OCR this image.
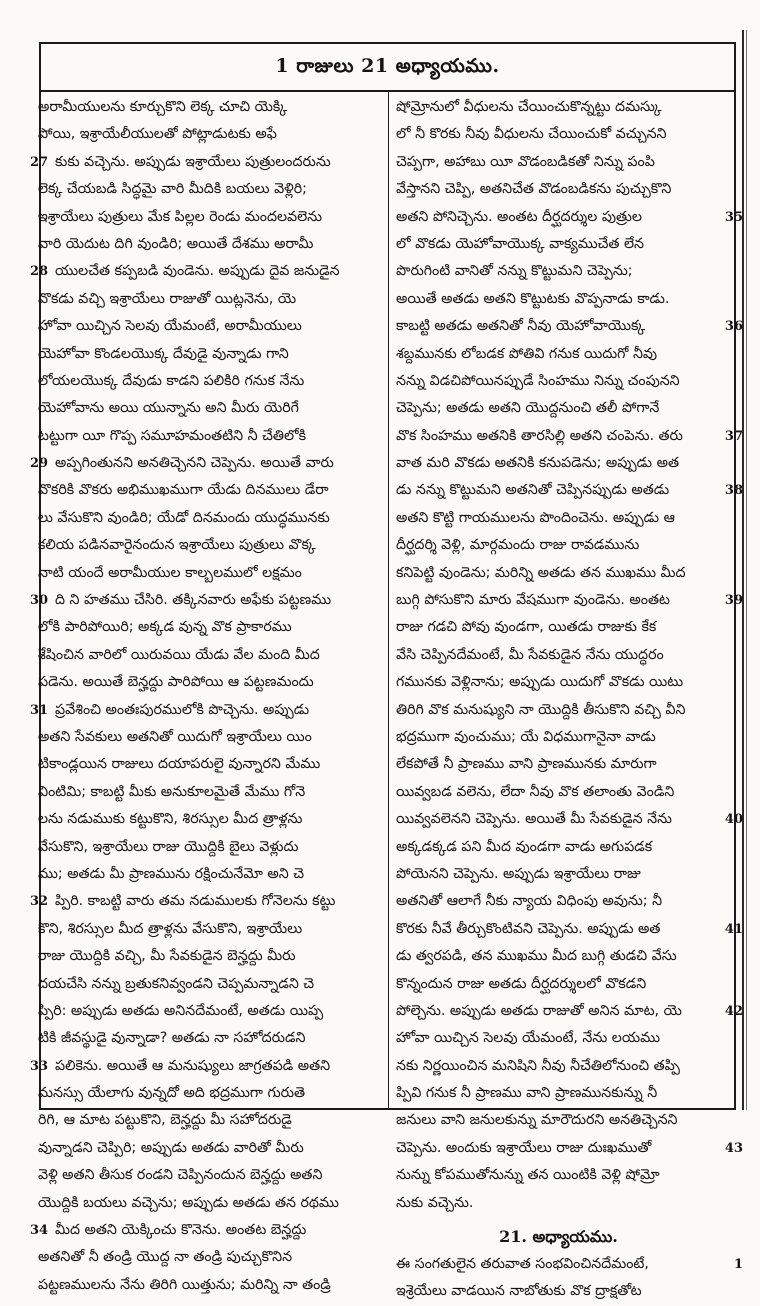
1 రాజులు 21 అధ్యాయము.
అరామీయులను కూర్చుకొని లెక్క చూచి యెక్కి
పోయి, ఇశ్రాయేలీయులతో పోట్లాడుటకు అఫే
27 కుకు వచ్చెను. అప్పుడు ఇశ్రాయేలు పుత్రులందరును
లెక్క చేయబడి సిద్ధమై వారి మీదికి బయలు వెళ్లిరి;
ఇశ్రాయేలు పుత్రులు మేక పిల్లల రెండు మందలవలెను
వారి యెదుట దిగి వుండిరి; అయితే దేశము అరామీ
28 యులచేత కప్పబడి వుండెను. అప్పుడు దైవ జనుడైన
వొకడు వచ్చి ఇశ్రాయేలు రాజుతో యిట్లనెను, యె
హోవా యిచ్చిన సెలవు యేమంటే, అరామీయులు
యెహోవా కొండలయొక్క దేవుడై వున్నాడు గాని
లోయలయొక్క దేవుడు కాడని పలికిరి గనుక నేను
యెహోవాను అయి యున్నాను అని మీరు యెరిగే
టట్టుగా యీ గొప్ప సమూహమంతటిని నీ చేతిలోకి
29 అప్పగింతునని అనతిచ్చెనని చెప్పెను. అయితే వారు
వొకరికి వొకరు అభిముఖముగా యేడు దినములు డేరా
లు వేసుకొని వుండిరి; యేడో దినమందు యుద్ధమునకు
కలియ పడినవారైనందున ఇశ్రాయేలు పుత్రులు వొక్క
నాటి యందే అరామీయుల కాల్బలములో లక్షమం
30 ది ని హతము చేసిరి. తక్కినవారు అఫేకు పట్టణము
లోకి పారిపోయిరి; అక్కడ వున్న వొక ప్రాకారము
శేషించిన వారిలో యిరువయి యేడు వేల మంది మీద
పడెను. అయితే బెన్హద్దు పారిపోయి ఆ పట్టణమందు
31 ప్రవేశించి అంతఃపురములోకి పొచ్చెను. అప్పుడు
అతని సేవకులు అతనితో యిదుగో ఇశ్రాయేలు యిం
టికాండ్లయిన రాజులు దయాపరులై వున్నారని మేము
వింటిమి; కాబట్టి మీకు అనుకూలమైతే మేము గోనె
లను నడుముకు కట్టుకొని, శిరస్సుల మీద త్రాళ్లను
వేసుకొని, ఇశ్రాయేలు రాజు యొద్దికి బైలు వెళ్లుదు
ము; అతడు మీ ప్రాణమును రక్షించునేమో అని చె
32 ప్పిరి. కాబట్టి వారు తమ నడుములకు గోనెలను కట్టు
కొని, శిరస్సుల మీద త్రాళ్లను వేసుకొని, ఇశ్రాయేలు
రాజు యొద్దికి వచ్చి, మీ సేవకుడైన బెన్హద్దు మీరు
దయచేసి నన్ను బ్రతుకనివ్వండని చెప్పమన్నాడని చె
ప్పిరి: అప్పుడు అతడు అనినదేమంటే, అతడు యిప్ప
టికి జీవస్థుడై వున్నాడా? అతడు నా సహోదరుడని
33 పలికెను. అయితే ఆ మనుష్యులు జాగ్రతపడి అతని
మనస్సు యేలాగు వున్నదో అది భద్రముగా గురుతె
రిగి, ఆ మాట పట్టుకొని, బెన్హద్దు మీ సహోదరుడై
వున్నాడని చెప్పిరి; అప్పుడు అతడు వారితో మీరు
వెళ్లి అతని తీసుక రండని చెప్పినందున బెన్హద్దు అతని
యొద్దికి బయలు వచ్చెను; అప్పుడు అతడు తన రథము
34 మీద అతని యెక్కించు కొనెను. అంతట బెన్హద్దు
అతనితో నీ తండ్రి యొద్ద నా తండ్రి పుచ్చుకొనిన
పట్టణములను నేను తిరిగి యిత్తును; మరిన్ని నా తండ్రి
షోమ్రోనులో వీధులను చేయించుకొన్నట్టు దమస్కు
లో నీ కొరకు నీవు వీధులను చేయించుకో వచ్చునని
చెప్పగా, అహాబు యీ వొడంబడికతో నిన్ను పంపి
వేస్తానని చెప్పి, అతనిచేత వొడంబడికను పుచ్చుకొని
35
అతని పోనిచ్చెను. అంతట దీర్ఘదర్శుల పుత్రుల
లో వొకడు యెహోవాయొక్క వాక్యముచేత లేన
పొరుగింటి వానితో నన్ను కొట్టుమని చెప్పెను;
అయితే అతడు అతని కొట్టుటకు వొప్పనాడు కాడు.
36
కాబట్టి అతడు అతనితో నీవు యెహోవాయొక్క
శబ్దమునకు లోబడక పోతివి గనుక యిదుగో నీవు
నన్ను విడచిపోయినప్పుడే సింహము నిన్ను చంపునని
చెప్పెను; అతడు అతని యొద్దనుంచి తలీ పోగానే
37
వొక సింహము అతనికి తారసిల్లి అతని చంపెను. తరు
వాత మరి వొకడు అతనికి కనుపడెను; అప్పుడు అత
38
డు నన్ను కొట్టుమని అతనితో చెప్పినప్పుడు అతడు
అతని కొట్టి గాయములను పొందించెను. అప్పుడు ఆ
దీర్ఘదర్శి వెళ్లి, మార్గమందు రాజు రావడమును
కనిపెట్టి వుండెను; మరిన్ని అతడు తన ముఖము మీద
39
బుగ్గి పోసుకొని మారు వేషముగా వుండెను. అంతట
రాజు గడచి పోవు వుండగా, యితడు రాజుకు కేక
వేసి చెప్పినదేమంటే, మీ సేవకుడైన నేను యుద్ధరం
గమునకు వెళ్లినాను; అప్పుడు యిదుగో వొకడు యిటు
తిరిగి వొక మనుష్యుని నా యొద్దికి తీసుకొని వచ్చి వీని
భద్రముగా వుంచుము; యే విధముగానైనా వాడు
లేకపోతే నీ ప్రాణము వాని ప్రాణమునకు మారుగా
యివ్వబడ వలెను, లేదా నీవు వొక తలాంతు వెండిని
40
యివ్వవలెనని చెప్పెను. అయితే మీ సేవకుడైన నేను
అక్కడక్కడ పని మీద వుండగా వాడు అగుపడక
పోయెనని చెప్పెను. అప్పుడు ఇశ్రాయేలు రాజు
అతనితో ఆలాగే నీకు న్యాయ విధింపు అవును; నీ
41
కొరకు నీవే తీర్చుకొంటివని చెప్పెను. అప్పుడు అత
డు త్వరపడి, తన ముఖము మీద బుగ్గి తుడచి వేసు
కొన్నందున రాజు అతడు దీర్ఘదర్శులలో వొకడని
42
పోల్చెను. అప్పుడు అతడు రాజుతో అనిన మాట, యె
హోవా యిచ్చిన సెలవు యేమంటే, నేను లయము
నకు నిర్ణయించిన మనిషిని నీవు నీచేతిలోనుంచి తప్పి
ప్పివి గనుక నీ ప్రాణము వాని ప్రాణమునకున్ను నీ
జనులు వాని జనులకున్ను మారౌదురని అనతిచ్చెనని
43
చెప్పెను. అందుకు ఇశ్రాయేలు రాజు దుఃఖముతో
నున్ను కోపముతోనున్ను తన యింటికి వెళ్లి షోమ్రో
నుకు వచ్చెను.
21. అధ్యాయము.
1
ఈ సంగతులైన తరువాత సంభవించినదేమంటే,
ఇశ్రెయేలు వాడయిన నాబోతుకు వొక ద్రాక్షతోట
